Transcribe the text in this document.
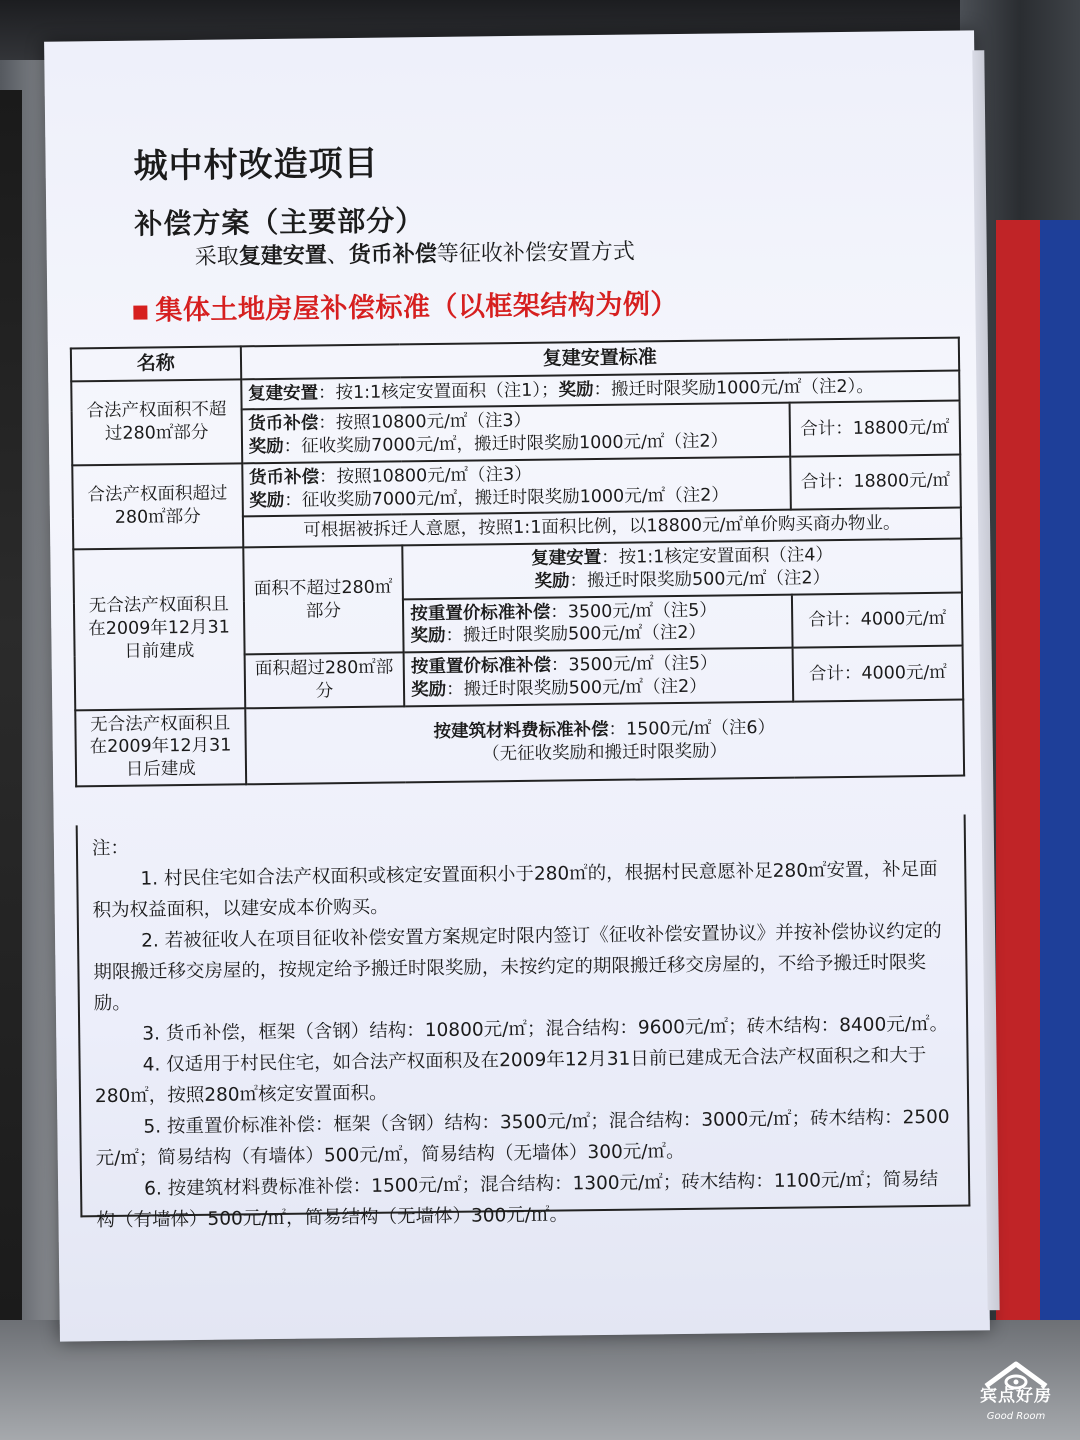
城中村改造项目
补偿方案（主要部分）
采取复建安置、货币补偿等征收补偿安置方式
集体土地房屋补偿标准（以框架结构为例）
名称	复建安置标准		
合法产权面积不超过280㎡部分	复建安置：按1:1核定安置面积（注1）；奖励：搬迁时限奖励1000元/㎡（注2）。		

	货币补偿：按照10800元/㎡（注3）
奖励：征收奖励7000元/㎡，搬迁时限奖励1000元/㎡（注2）		合计：18800元/㎡
合法产权面积超过280㎡部分	货币补偿：按照10800元/㎡（注3）
奖励：征收奖励7000元/㎡，搬迁时限奖励1000元/㎡（注2）		合计：18800元/㎡
	可根据被拆迁人意愿，按照1:1面积比例，以18800元/㎡单价购买商办物业。		
无合法产权面积且在2009年12月31日前建成	面积不超过280㎡部分	复建安置：按1:1核定安置面积（注4）
奖励：搬迁时限奖励500元/㎡（注2）	

		按重置价标准补偿：3500元/㎡（注5）
奖励：搬迁时限奖励500元/㎡（注2）	合计：4000元/㎡
	面积超过280㎡部分	按重置价标准补偿：3500元/㎡（注5）
奖励：搬迁时限奖励500元/㎡（注2）	合计：4000元/㎡
无合法产权面积且在2009年12月31日后建成	按建筑材料费标准补偿：1500元/㎡（注6）
（无征收奖励和搬迁时限奖励）		

注：

1. 村民住宅如合法产权面积或核定安置面积小于280㎡的，根据村民意愿补足280㎡安置，补足面积为权益面积，以建安成本价购买。

2. 若被征收人在项目征收补偿安置方案规定时限内签订《征收补偿安置协议》并按补偿协议约定的期限搬迁移交房屋的，按规定给予搬迁时限奖励，未按约定的期限搬迁移交房屋的，不给予搬迁时限奖励。

3. 货币补偿，框架（含钢）结构：10800元/㎡；混合结构：9600元/㎡；砖木结构：8400元/㎡。

4. 仅适用于村民住宅，如合法产权面积及在2009年12月31日前已建成无合法产权面积之和大于280㎡，按照280㎡核定安置面积。

5. 按重置价标准补偿：框架（含钢）结构：3500元/㎡；混合结构：3000元/㎡；砖木结构：2500元/㎡；简易结构（有墙体）500元/㎡，简易结构（无墙体）300元/㎡。

6. 按建筑材料费标准补偿：1500元/㎡；混合结构：1300元/㎡；砖木结构：1100元/㎡；简易结构（有墙体）500元/㎡，简易结构（无墙体）300元/㎡。

宾点好房
Good Room
